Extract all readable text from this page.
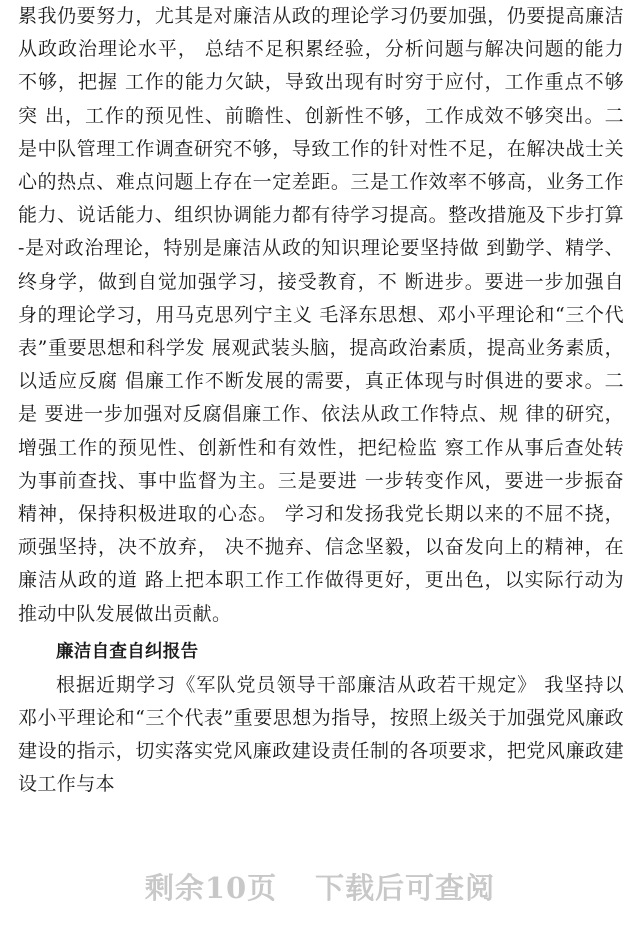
累我仍要努力，尤其是对廉洁从政的理论学习仍要加强，仍要提高廉洁从政政治理论水平， 总结不足积累经验，分析问题与解决问题的能力不够，把握 工作的能力欠缺，导致出现有时穷于应付，工作重点不够突 出，工作的预见性、前瞻性、创新性不够，工作成效不够突出。二是中队管理工作调查研究不够，导致工作的针对性不足，在解决战士关心的热点、难点问题上存在一定差距。三是工作效率不够高，业务工作能力、说话能力、组织协调能力都有待学习提高。整改措施及下步打算 -是对政治理论，特别是廉洁从政的知识理论要坚持做 到勤学、精学、终身学，做到自觉加强学习，接受教育，不 断进步。要进一步加强自身的理论学习，用马克思列宁主义 毛泽东思想、邓小平理论和“三个代表”重要思想和科学发 展观武装头脑，提高政治素质，提高业务素质，以适应反腐 倡廉工作不断发展的需要，真正体现与时俱进的要求。二是 要进一步加强对反腐倡廉工作、依法从政工作特点、规 律的研究，增强工作的预见性、创新性和有效性，把纪检监 察工作从事后查处转为事前查找、事中监督为主。三是要进 一步转变作风，要进一步振奋精神，保持积极进取的心态。 学习和发扬我党长期以来的不屈不挠，顽强坚持，决不放弃， 决不抛弃、信念坚毅，以奋发向上的精神，在廉洁从政的道 路上把本职工作工作做得更好，更出色，以实际行动为推动中队发展做出贡献。

廉洁自查自纠报告

根据近期学习《军队党员领导干部廉洁从政若干规定》 我坚持以邓小平理论和“三个代表”重要思想为指导，按照上级关于加强党风廉政建设的指示，切实落实党风廉政建设责任制的各项要求，把党风廉政建设工作与本

剩余10页 下载后可查阅
